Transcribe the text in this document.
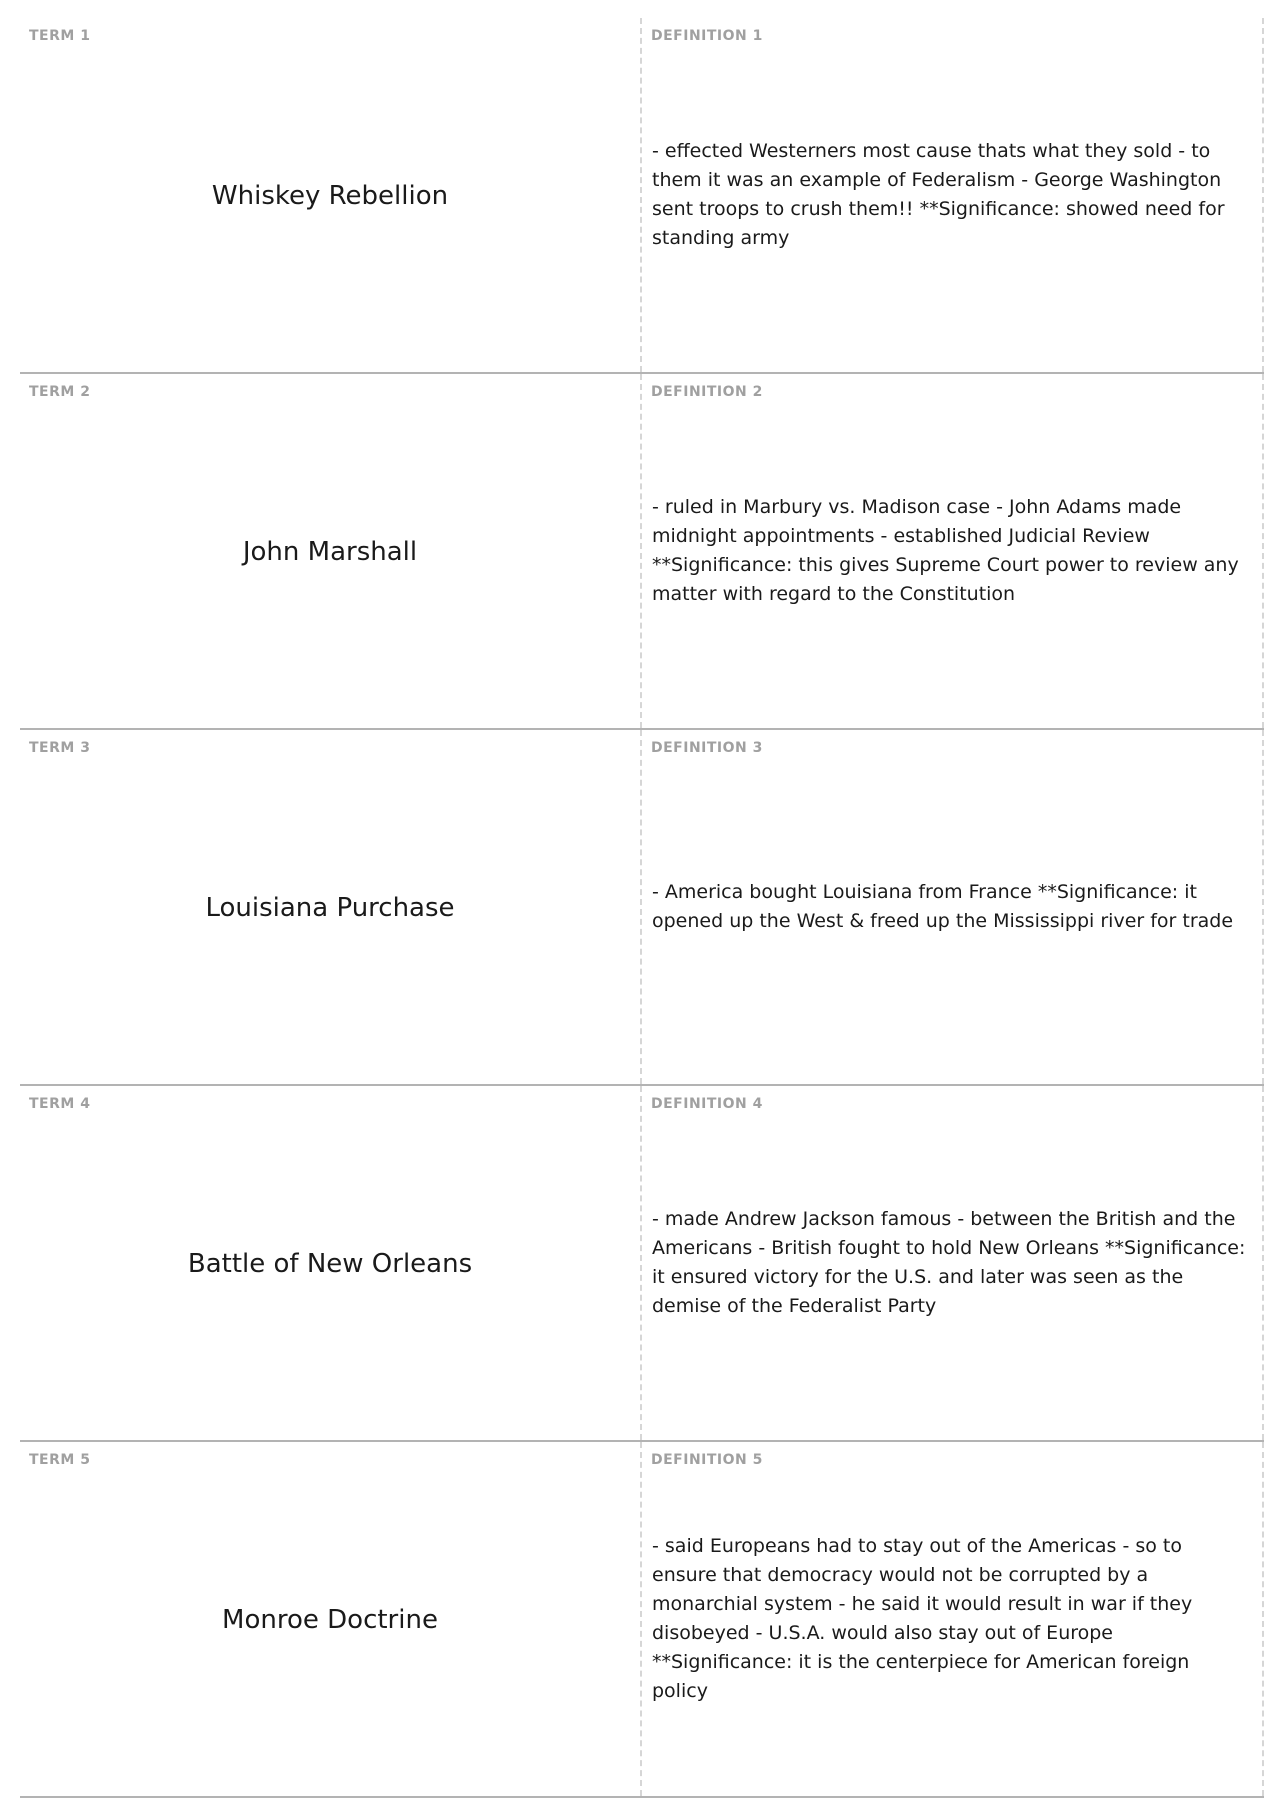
TERM 1
Whiskey Rebellion
DEFINITION 1
- effected Westerners most cause thats what they sold - to them it was an example of Federalism - George Washington sent troops to crush them!! **Significance: showed need for standing army
TERM 2
John Marshall
DEFINITION 2
- ruled in Marbury vs. Madison case - John Adams made midnight appointments - established Judicial Review **Significance: this gives Supreme Court power to review any matter with regard to the Constitution
TERM 3
Louisiana Purchase
DEFINITION 3
- America bought Louisiana from France **Significance: it opened up the West & freed up the Mississippi river for trade
TERM 4
Battle of New Orleans
DEFINITION 4
- made Andrew Jackson famous - between the British and the Americans - British fought to hold New Orleans **Significance: it ensured victory for the U.S. and later was seen as the demise of the Federalist Party
TERM 5
Monroe Doctrine
DEFINITION 5
- said Europeans had to stay out of the Americas - so to ensure that democracy would not be corrupted by a monarchial system - he said it would result in war if they disobeyed - U.S.A. would also stay out of Europe **Significance: it is the centerpiece for American foreign policy
